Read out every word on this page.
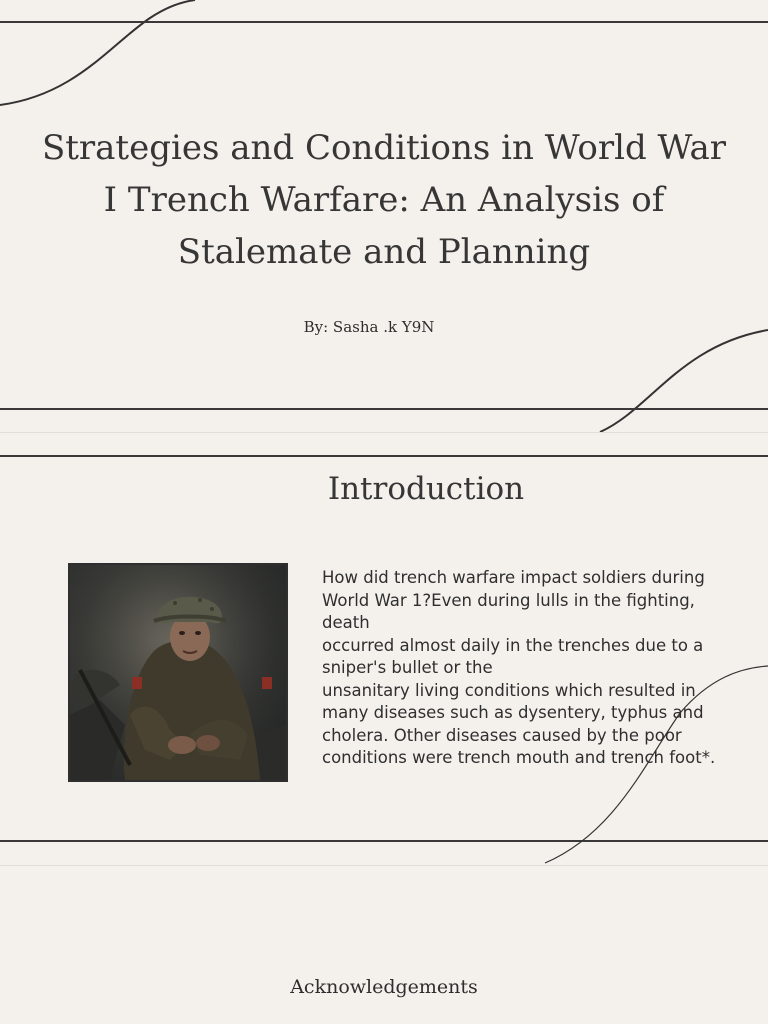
Strategies and Conditions in World War I Trench Warfare: An Analysis of Stalemate and Planning
By: Sasha .k Y9N
Introduction

How did trench warfare impact soldiers during World War 1?Even during lulls in the fighting, death
occurred almost daily in the trenches due to a sniper's bullet or the
unsanitary living conditions which resulted in many diseases such as dysentery, typhus and cholera. Other diseases caused by the poor conditions were trench mouth and trench foot*.

Acknowledgements
